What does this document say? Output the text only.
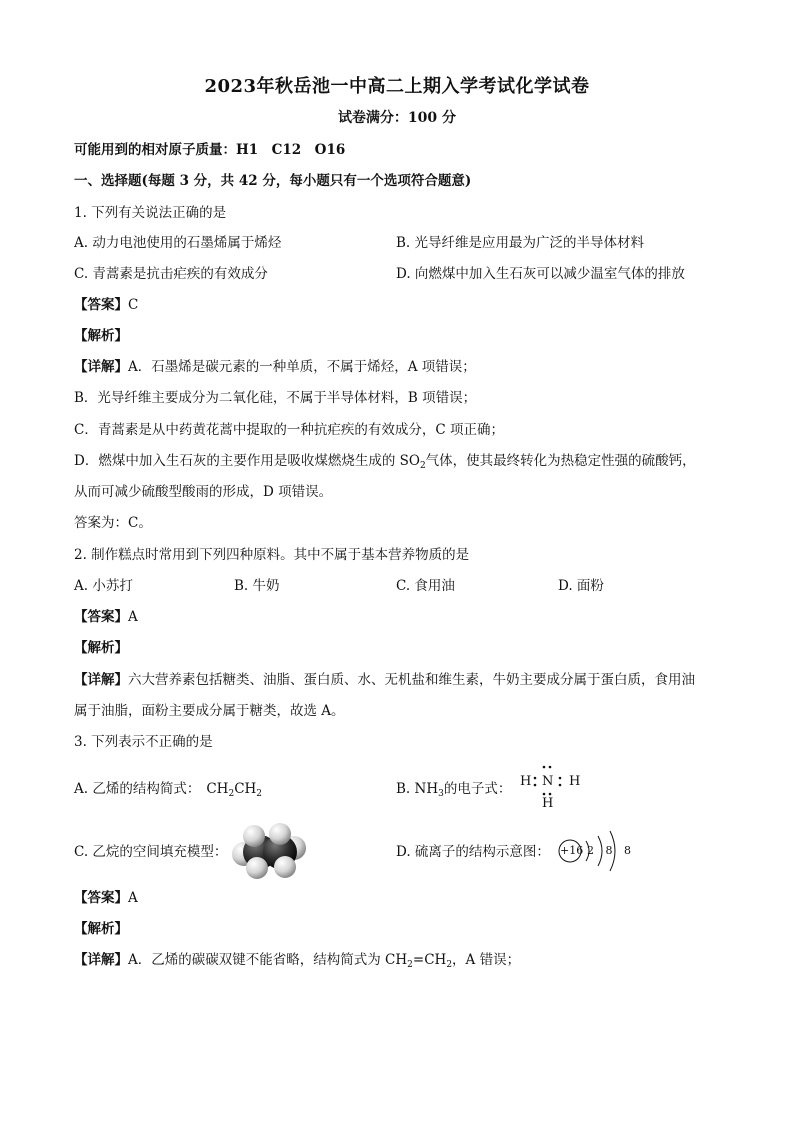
2023年秋岳池一中高二上期入学考试化学试卷
试卷满分：100 分
可能用到的相对原子质量：H1　C12　O16
一、选择题(每题 3 分，共 42 分，每小题只有一个选项符合题意)
1. 下列有关说法正确的是
A. 动力电池使用的石墨烯属于烯烃	B. 光导纤维是应用最为广泛的半导体材料
C. 青蒿素是抗击疟疾的有效成分	D. 向燃煤中加入生石灰可以减少温室气体的排放
【答案】C
【解析】
【详解】A．石墨烯是碳元素的一种单质，不属于烯烃，A 项错误；
B．光导纤维主要成分为二氧化硅，不属于半导体材料，B 项错误；
C．青蒿素是从中药黄花蒿中提取的一种抗疟疾的有效成分，C 项正确；
D．燃煤中加入生石灰的主要作用是吸收煤燃烧生成的 $SO_2$气体，使其最终转化为热稳定性强的硫酸钙，
从而可减少硫酸型酸雨的形成，D 项错误。
答案为：C。
2. 制作糕点时常用到下列四种原料。其中不属于基本营养物质的是
A. 小苏打	B. 牛奶	C. 食用油	D. 面粉
【答案】A
【解析】
【详解】六大营养素包括糖类、油脂、蛋白质、水、无机盐和维生素，牛奶主要成分属于蛋白质，食用油
属于油脂，面粉主要成分属于糖类，故选 A。
3. 下列表示不正确的是
A. 乙烯的结构简式： $CH_2CH_2$	B. $NH_3$的电子式： H N H
H
C. 乙烷的空间填充模型：	D. 硫离子的结构示意图： +16 2 8 8
【答案】A
【解析】
【详解】A．乙烯的碳碳双键不能省略，结构简式为 $CH_2=CH_2$，A 错误；
